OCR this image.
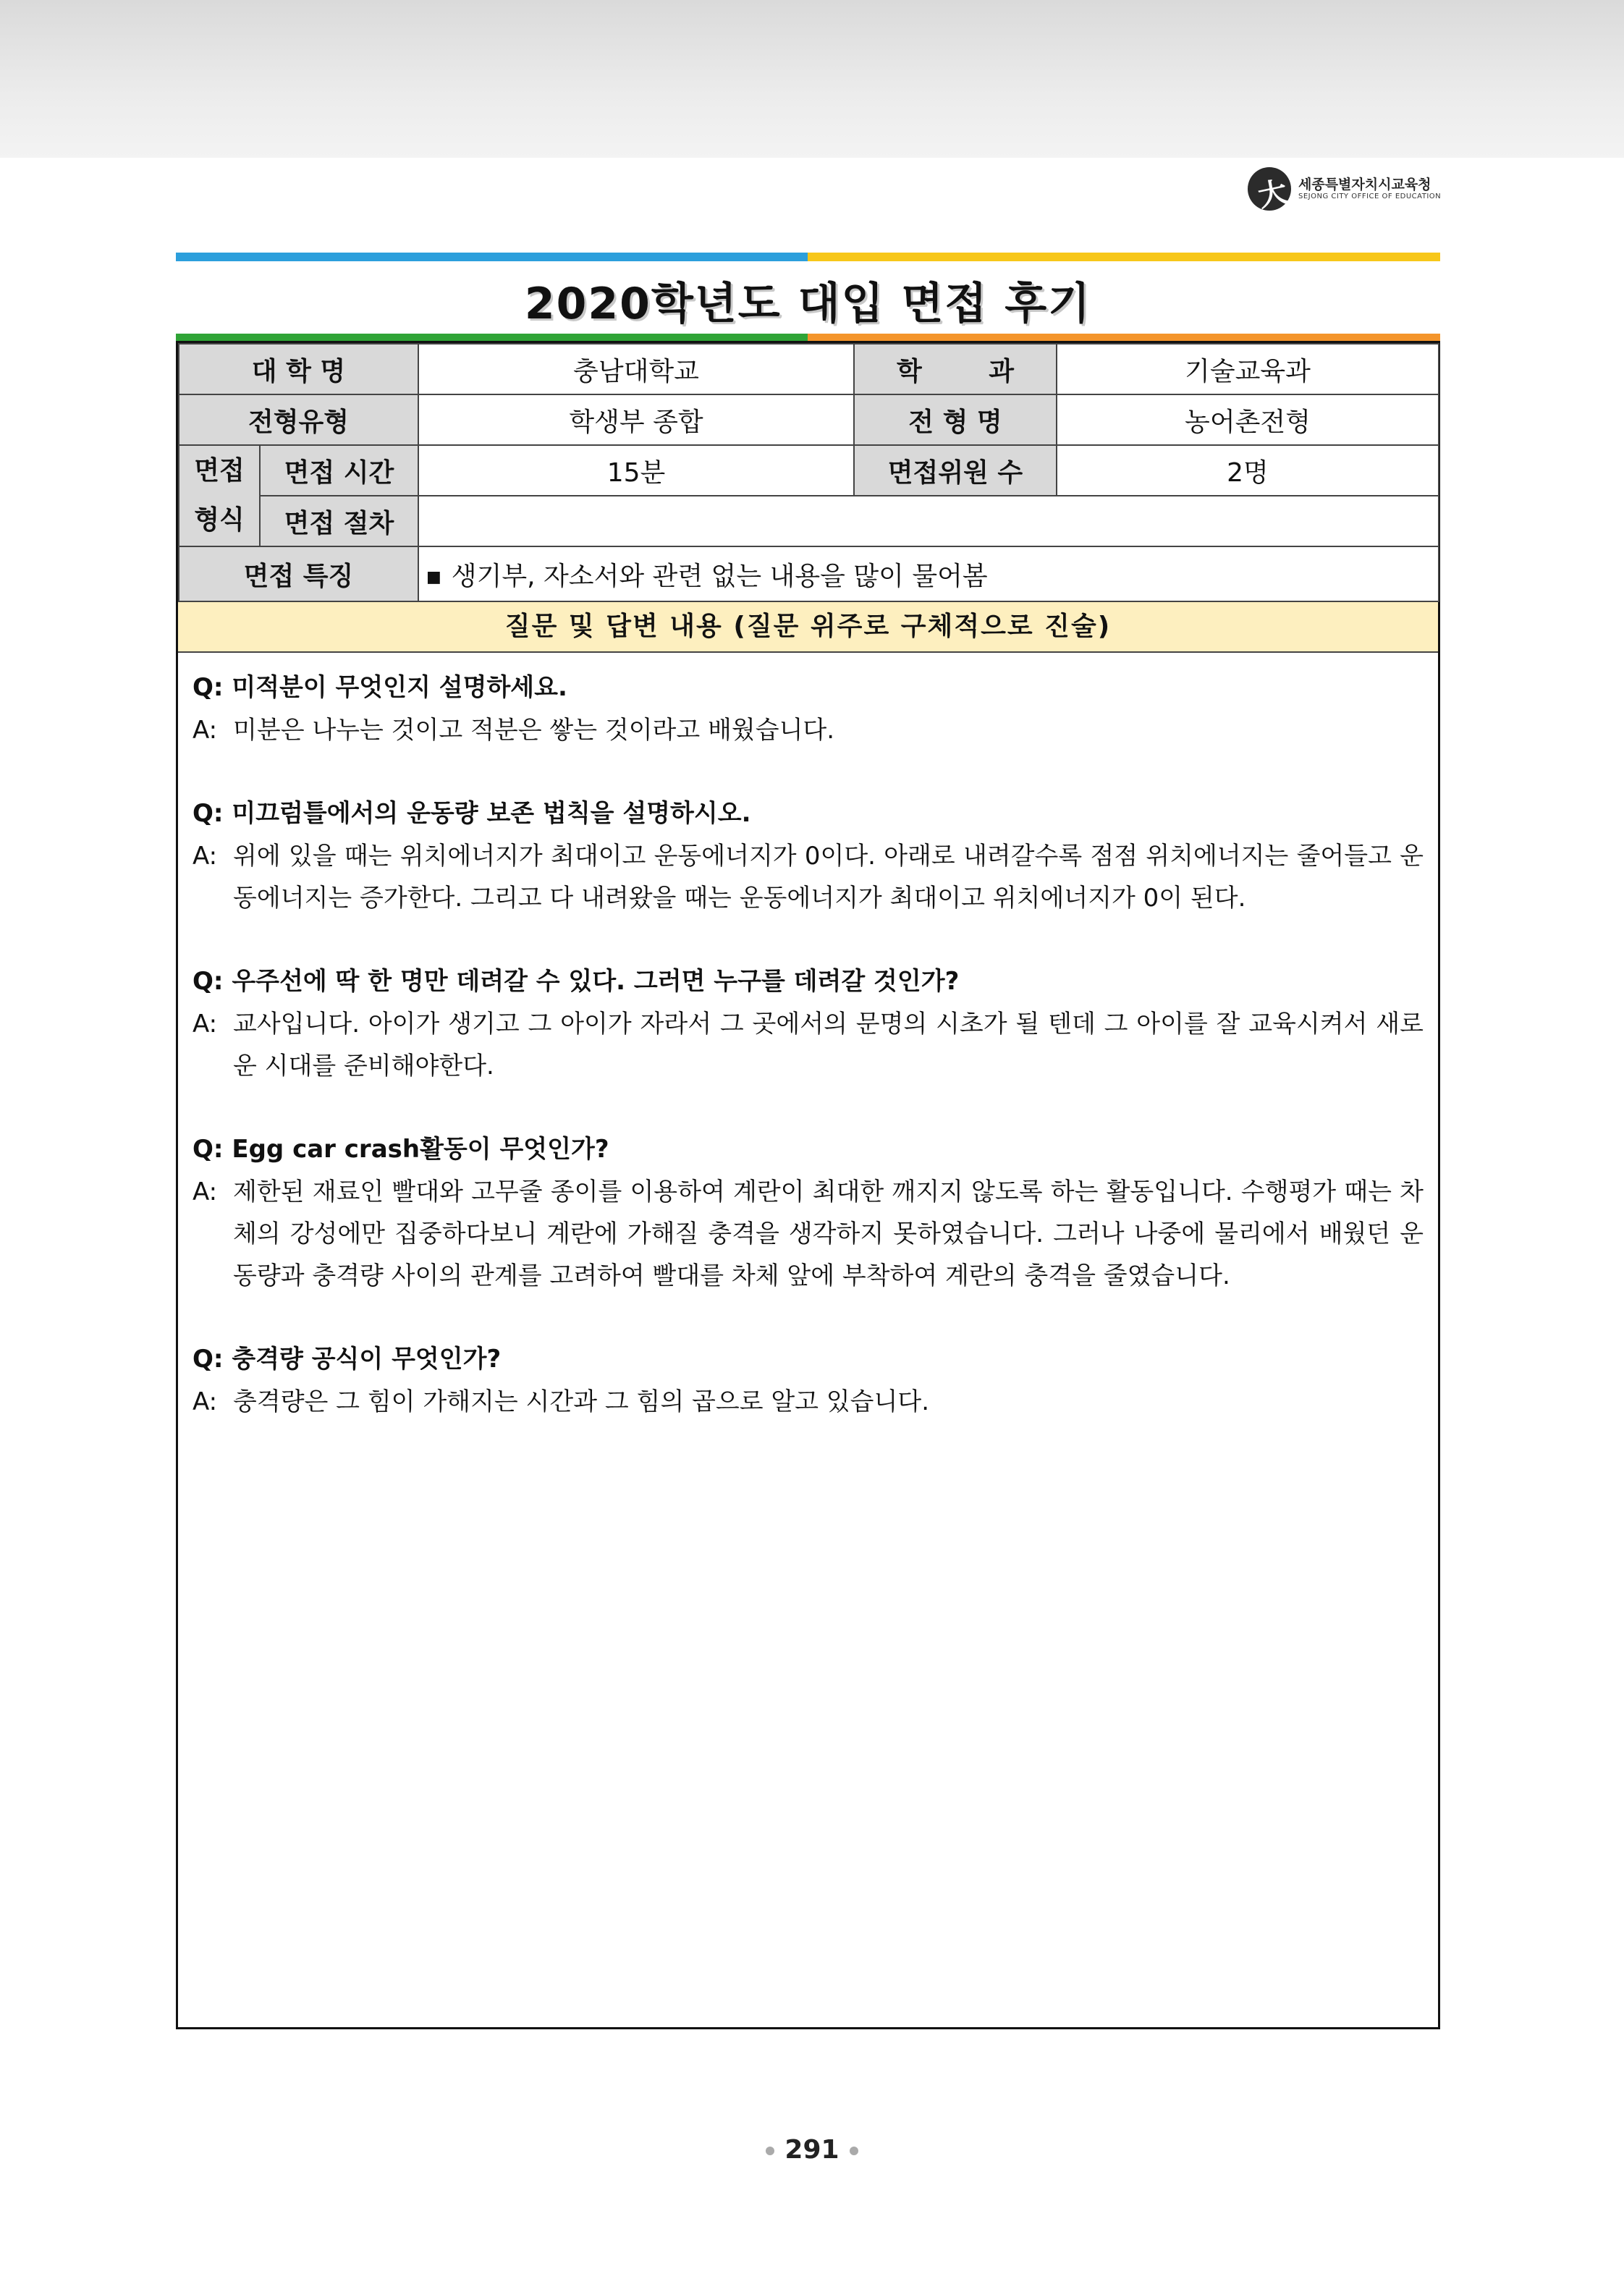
大 세종특별자치시교육청
SEJONG CITY OFFICE OF EDUCATION
2020학년도 대입 면접 후기
대 학 명		충남대학교	학 과	기술교육과
전형유형		학생부 종합	전 형 명	농어촌전형
면접
형식	면접 시간	15분	면접위원 수	2명
	면접 절차			
면접 특징		■ 생기부, 자소서와 관련 없는 내용을 많이 물어봄		
질문 및 답변 내용 (질문 위주로 구체적으로 진술)
Q: 미적분이 무엇인지 설명하세요.
A: 미분은 나누는 것이고 적분은 쌓는 것이라고 배웠습니다.
Q: 미끄럼틀에서의 운동량 보존 법칙을 설명하시오.
A: 위에 있을 때는 위치에너지가 최대이고 운동에너지가 0이다. 아래로 내려갈수록 점점 위치에너지는 줄어들고 운동에너지는 증가한다. 그리고 다 내려왔을 때는 운동에너지가 최대이고 위치에너지가 0이 된다.
Q: 우주선에 딱 한 명만 데려갈 수 있다. 그러면 누구를 데려갈 것인가?
A: 교사입니다. 아이가 생기고 그 아이가 자라서 그 곳에서의 문명의 시초가 될 텐데 그 아이를 잘 교육시켜서 새로운 시대를 준비해야한다.
Q: Egg car crash활동이 무엇인가?
A: 제한된 재료인 빨대와 고무줄 종이를 이용하여 계란이 최대한 깨지지 않도록 하는 활동입니다. 수행평가 때는 차체의 강성에만 집중하다보니 계란에 가해질 충격을 생각하지 못하였습니다. 그러나 나중에 물리에서 배웠던 운동량과 충격량 사이의 관계를 고려하여 빨대를 차체 앞에 부착하여 계란의 충격을 줄였습니다.
Q: 충격량 공식이 무엇인가?
A: 충격량은 그 힘이 가해지는 시간과 그 힘의 곱으로 알고 있습니다.
291
